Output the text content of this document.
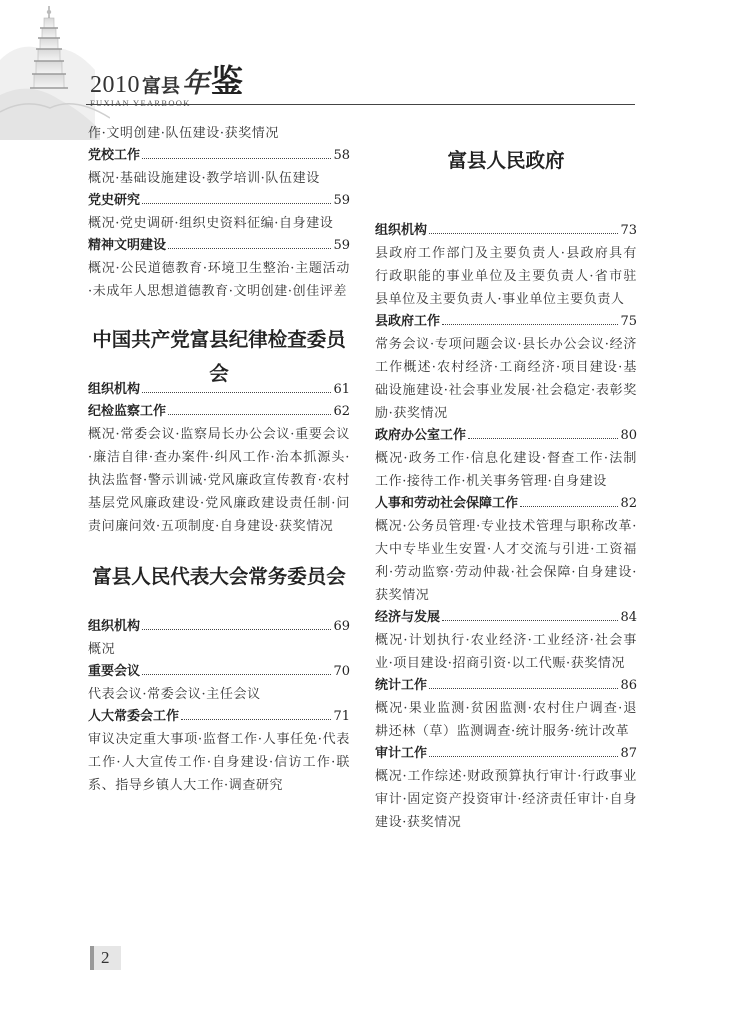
2010 富县 年 鉴
FUXIAN YEARBOOK
作·文明创建·队伍建设·获奖情况
党校工作	58
概况·基础设施建设·教学培训·队伍建设
党史研究	59
概况·党史调研·组织史资料征编·自身建设
精神文明建设	59
概况·公民道德教育·环境卫生整治·主题活动·未成年人思想道德教育·文明创建·创佳评差
中国共产党富县纪律检查委员会
组织机构	61
纪检监察工作	62
概况·常委会议·监察局长办公会议·重要会议·廉洁自律·查办案件·纠风工作·治本抓源头·执法监督·警示训诫·党风廉政宣传教育·农村基层党风廉政建设·党风廉政建设责任制·问责问廉问效·五项制度·自身建设·获奖情况
富县人民代表大会常务委员会
组织机构	69
概况
重要会议	70
代表会议·常委会议·主任会议
人大常委会工作	71
审议决定重大事项·监督工作·人事任免·代表工作·人大宣传工作·自身建设·信访工作·联系、指导乡镇人大工作·调查研究
富县人民政府
组织机构	73
县政府工作部门及主要负责人·县政府具有行政职能的事业单位及主要负责人·省市驻县单位及主要负责人·事业单位主要负责人
县政府工作	75
常务会议·专项问题会议·县长办公会议·经济工作概述·农村经济·工商经济·项目建设·基础设施建设·社会事业发展·社会稳定·表彰奖励·获奖情况
政府办公室工作	80
概况·政务工作·信息化建设·督查工作·法制工作·接待工作·机关事务管理·自身建设
人事和劳动社会保障工作	82
概况·公务员管理·专业技术管理与职称改革·大中专毕业生安置·人才交流与引进·工资福利·劳动监察·劳动仲裁·社会保障·自身建设·获奖情况
经济与发展	84
概况·计划执行·农业经济·工业经济·社会事业·项目建设·招商引资·以工代赈·获奖情况
统计工作	86
概况·果业监测·贫困监测·农村住户调查·退耕还林（草）监测调查·统计服务·统计改革
审计工作	87
概况·工作综述·财政预算执行审计·行政事业审计·固定资产投资审计·经济责任审计·自身建设·获奖情况
2
